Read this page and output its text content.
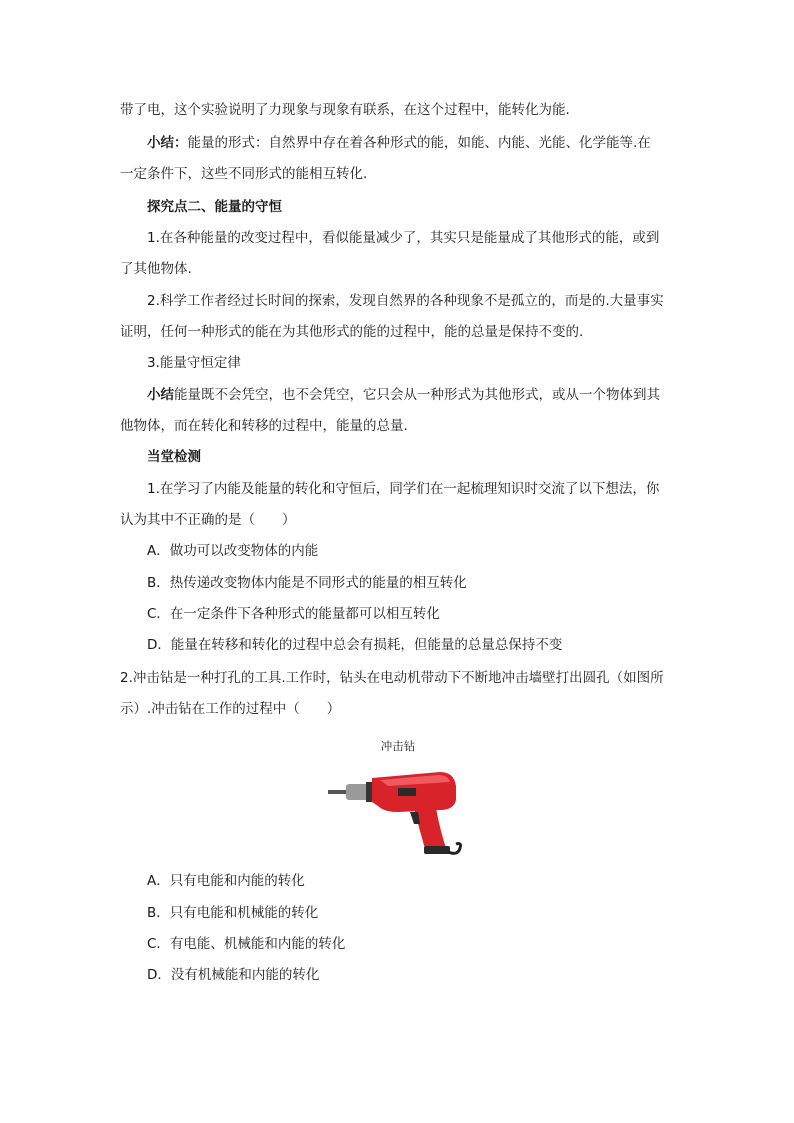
带了电，这个实验说明了力现象与现象有联系，在这个过程中，能转化为能.
小结：能量的形式：自然界中存在着各种形式的能，如能、内能、光能、化学能等.在
一定条件下，这些不同形式的能相互转化.
探究点二、能量的守恒
1.在各种能量的改变过程中，看似能量减少了，其实只是能量成了其他形式的能，或到
了其他物体.
2.科学工作者经过长时间的探索，发现自然界的各种现象不是孤立的，而是的.大量事实
证明，任何一种形式的能在为其他形式的能的过程中，能的总量是保持不变的.
3.能量守恒定律
小结能量既不会凭空，也不会凭空，它只会从一种形式为其他形式，或从一个物体到其
他物体，而在转化和转移的过程中，能量的总量.
当堂检测
1.在学习了内能及能量的转化和守恒后，同学们在一起梳理知识时交流了以下想法，你
认为其中不正确的是（　　）
A．做功可以改变物体的内能
B．热传递改变物体内能是不同形式的能量的相互转化
C．在一定条件下各种形式的能量都可以相互转化
D．能量在转移和转化的过程中总会有损耗，但能量的总量总保持不变
2.冲击钻是一种打孔的工具.工作时，钻头在电动机带动下不断地冲击墙壁打出圆孔（如图所
示）.冲击钻在工作的过程中（　　）
冲击钻
A．只有电能和内能的转化
B．只有电能和机械能的转化
C．有电能、机械能和内能的转化
D．没有机械能和内能的转化
